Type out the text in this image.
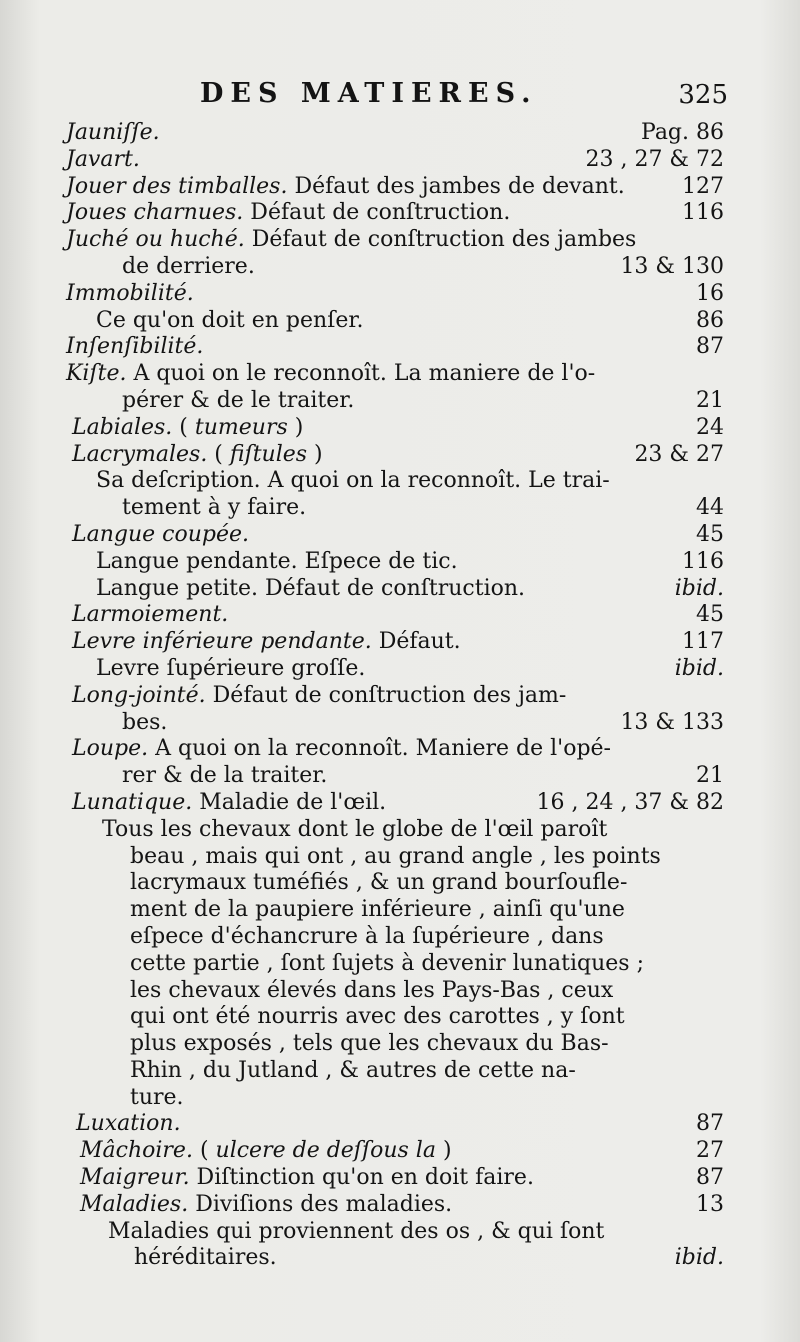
DES MATIERES.	325
Jauniſſe.	Pag. 86
Javart.	23 , 27 & 72
Jouer des timballes. Défaut des jambes de devant.	127
Joues charnues. Défaut de conſtruction.	116
Juché ou huché. Défaut de conſtruction des jambes
de derriere.	13 & 130
Immobilité.	16
Ce qu'on doit en penſer.	86
Inſenſibilité.	87
Kiſte. A quoi on le reconnoît. La maniere de l'o-
pérer & de le traiter.	21
Labiales. ( tumeurs )	24
Lacrymales. ( fiſtules )	23 & 27
Sa deſcription. A quoi on la reconnoît. Le trai-
tement à y faire.	44
Langue coupée.	45
Langue pendante. Eſpece de tic.	116
Langue petite. Défaut de conſtruction.	ibid.
Larmoiement.	45
Levre inférieure pendante. Défaut.	117
Levre ſupérieure groſſe.	ibid.
Long-jointé. Défaut de conſtruction des jam-
bes.	13 & 133
Loupe. A quoi on la reconnoît. Maniere de l'opé-
rer & de la traiter.	21
Lunatique. Maladie de l'œil.	16 , 24 , 37 & 82
Tous les chevaux dont le globe de l'œil paroît
beau , mais qui ont , au grand angle , les points
lacrymaux tuméfiés , & un grand bourſoufle-
ment de la paupiere inférieure , ainſi qu'une
eſpece d'échancrure à la ſupérieure , dans
cette partie , ſont ſujets à devenir lunatiques ;
les chevaux élevés dans les Pays-Bas , ceux
qui ont été nourris avec des carottes , y ſont
plus exposés , tels que les chevaux du Bas-
Rhin , du Jutland , & autres de cette na-
ture.
Luxation.	87
Mâchoire. ( ulcere de deſſous la )	27
Maigreur. Diſtinction qu'on en doit faire.	87
Maladies. Diviſions des maladies.	13
Maladies qui proviennent des os , & qui ſont
héréditaires.	ibid.
